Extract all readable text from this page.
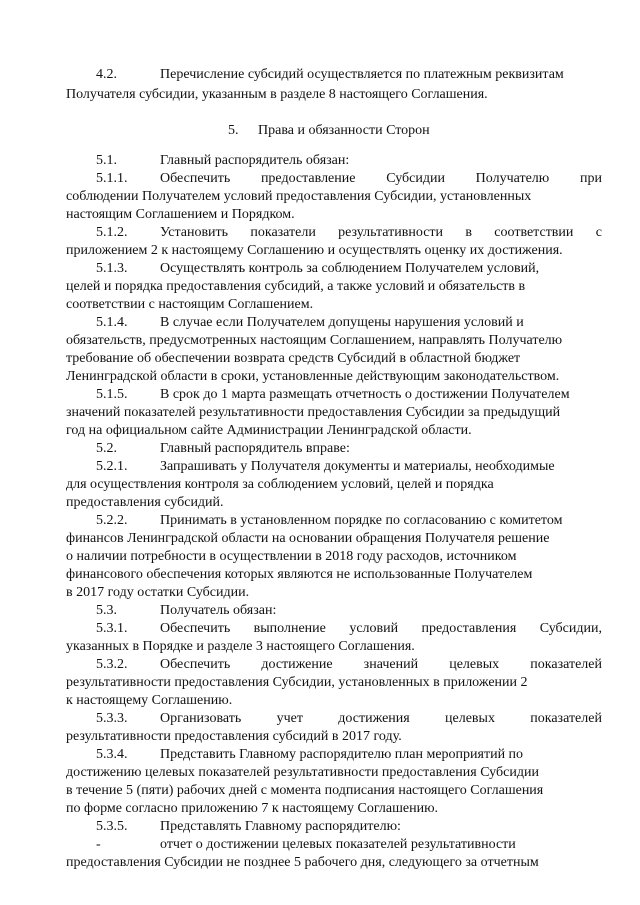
4.2.	Перечисление субсидий осуществляется по платежным реквизитам
Получателя субсидии, указанным в разделе 8 настоящего Соглашения.
5. Права и обязанности Сторон
5.1.	Главный распорядитель обязан:
5.1.1. Обеспечить предоставление Субсидии Получателю при
соблюдении Получателем условий предоставления Субсидии, установленных
настоящим Соглашением и Порядком.
5.1.2. Установить показатели результативности в соответствии с
приложением 2 к настоящему Соглашению и осуществлять оценку их достижения.
5.1.3. Осуществлять контроль за соблюдением Получателем условий,
целей и порядка предоставления субсидий, а также условий и обязательств в
соответствии с настоящим Соглашением.
5.1.4. В случае если Получателем допущены нарушения условий и
обязательств, предусмотренных настоящим Соглашением, направлять Получателю
требование об обеспечении возврата средств Субсидий в областной бюджет
Ленинградской области в сроки, установленные действующим законодательством.
5.1.5. В срок до 1 марта размещать отчетность о достижении Получателем
значений показателей результативности предоставления Субсидии за предыдущий
год на официальном сайте Администрации Ленинградской области.
5.2.	Главный распорядитель вправе:
5.2.1. Запрашивать у Получателя документы и материалы, необходимые
для осуществления контроля за соблюдением условий, целей и порядка
предоставления субсидий.
5.2.2. Принимать в установленном порядке по согласованию с комитетом
финансов Ленинградской области на основании обращения Получателя решение
о наличии потребности в осуществлении в 2018 году расходов, источником
финансового обеспечения которых являются не использованные Получателем
в 2017 году остатки Субсидии.
5.3.	Получатель обязан:
5.3.1. Обеспечить выполнение условий предоставления Субсидии,
указанных в Порядке и разделе 3 настоящего Соглашения.
5.3.2. Обеспечить достижение значений целевых показателей
результативности предоставления Субсидии, установленных в приложении 2
к настоящему Соглашению.
5.3.3. Организовать	учет	достижения	целевых	показателей
результативности предоставления субсидий в 2017 году.
5.3.4. Представить Главному распорядителю план мероприятий по
достижению целевых показателей результативности предоставления Субсидии
в течение 5 (пяти) рабочих дней с момента подписания настоящего Соглашения
по форме согласно приложению 7 к настоящему Соглашению.
5.3.5. Представлять Главному распорядителю:
-	отчет о достижении целевых показателей результативности
предоставления Субсидии не позднее 5 рабочего дня, следующего за отчетным
